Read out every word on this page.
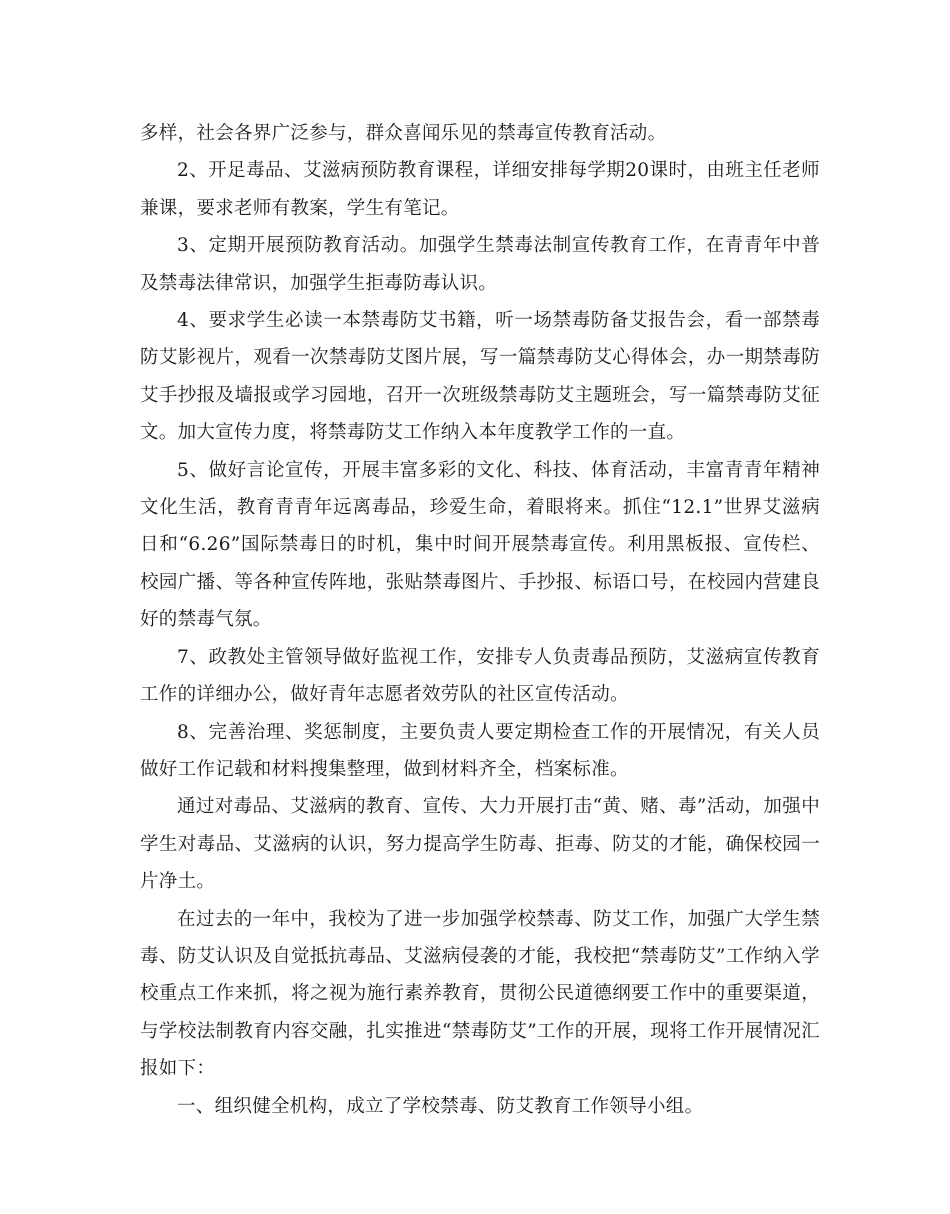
多样，社会各界广泛参与，群众喜闻乐见的禁毒宣传教育活动。

2、开足毒品、艾滋病预防教育课程，详细安排每学期20课时，由班主任老师兼课，要求老师有教案，学生有笔记。

3、定期开展预防教育活动。加强学生禁毒法制宣传教育工作，在青青年中普及禁毒法律常识，加强学生拒毒防毒认识。

4、要求学生必读一本禁毒防艾书籍，听一场禁毒防备艾报告会，看一部禁毒防艾影视片，观看一次禁毒防艾图片展，写一篇禁毒防艾心得体会，办一期禁毒防艾手抄报及墙报或学习园地，召开一次班级禁毒防艾主题班会，写一篇禁毒防艾征文。加大宣传力度，将禁毒防艾工作纳入本年度教学工作的一直。

5、做好言论宣传，开展丰富多彩的文化、科技、体育活动，丰富青青年精神文化生活，教育青青年远离毒品，珍爱生命，着眼将来。抓住“12.1”世界艾滋病日和“6.26”国际禁毒日的时机，集中时间开展禁毒宣传。利用黑板报、宣传栏、校园广播、等各种宣传阵地，张贴禁毒图片、手抄报、标语口号，在校园内营建良好的禁毒气氛。

7、政教处主管领导做好监视工作，安排专人负责毒品预防，艾滋病宣传教育工作的详细办公，做好青年志愿者效劳队的社区宣传活动。

8、完善治理、奖惩制度，主要负责人要定期检查工作的开展情况，有关人员做好工作记载和材料搜集整理，做到材料齐全，档案标准。

通过对毒品、艾滋病的教育、宣传、大力开展打击“黄、赌、毒”活动，加强中学生对毒品、艾滋病的认识，努力提高学生防毒、拒毒、防艾的才能，确保校园一片净土。

在过去的一年中，我校为了进一步加强学校禁毒、防艾工作，加强广大学生禁毒、防艾认识及自觉抵抗毒品、艾滋病侵袭的才能，我校把“禁毒防艾”工作纳入学校重点工作来抓，将之视为施行素养教育，贯彻公民道德纲要工作中的重要渠道，与学校法制教育内容交融，扎实推进“禁毒防艾”工作的开展，现将工作开展情况汇报如下：

一、组织健全机构，成立了学校禁毒、防艾教育工作领导小组。
